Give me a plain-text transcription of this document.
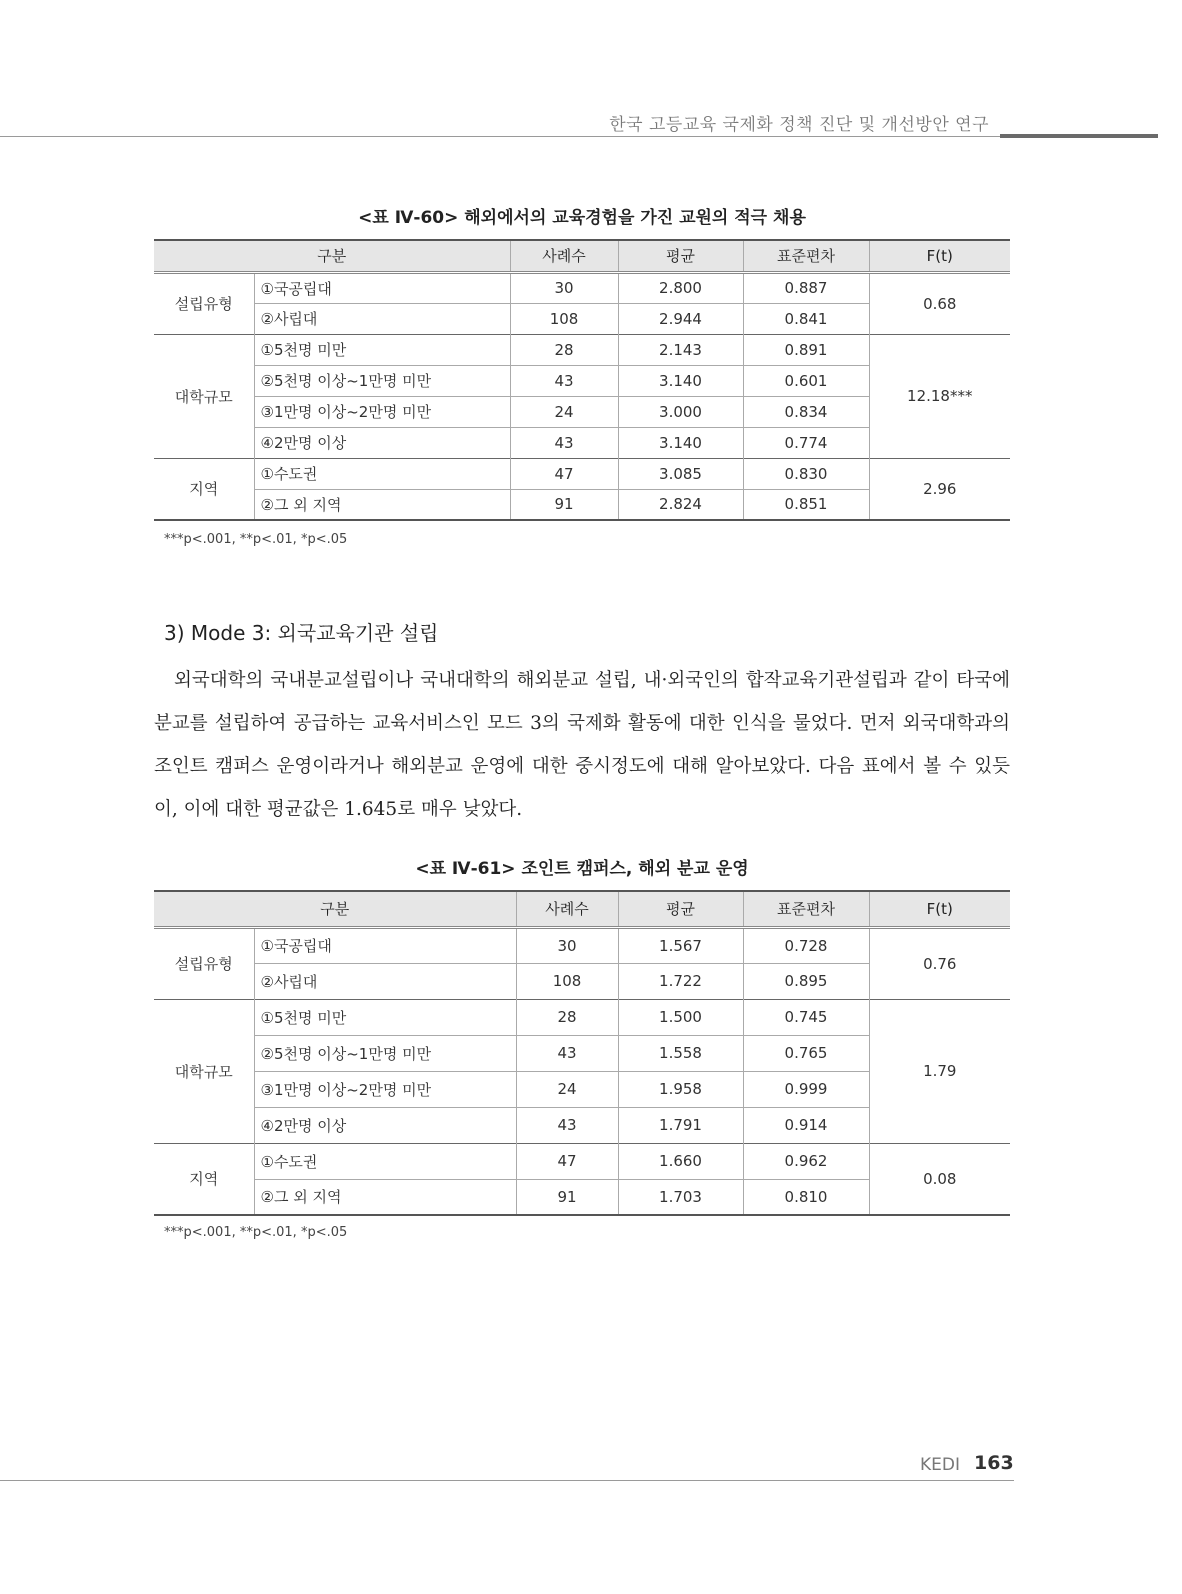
한국 고등교육 국제화 정책 진단 및 개선방안 연구
<표 Ⅳ-60> 해외에서의 교육경험을 가진 교원의 적극 채용
구분		사례수	평균	표준편차	F(t)
설립유형	①국공립대	30	2.800	0.887	0.68
	②사립대	108	2.944	0.841	
대학규모	①5천명 미만	28	2.143	0.891	12.18***
	②5천명 이상~1만명 미만	43	3.140	0.601	
	③1만명 이상~2만명 미만	24	3.000	0.834	
	④2만명 이상	43	3.140	0.774	
지역	①수도권	47	3.085	0.830	2.96
	②그 외 지역	91	2.824	0.851	
***p<.001, **p<.01, *p<.05
3) Mode 3: 외국교육기관 설립

외국대학의 국내분교설립이나 국내대학의 해외분교 설립, 내·외국인의 합작교육기관설립과 같이 타국에 분교를 설립하여 공급하는 교육서비스인 모드 3의 국제화 활동에 대한 인식을 물었다. 먼저 외국대학과의 조인트 캠퍼스 운영이라거나 해외분교 운영에 대한 중시정도에 대해 알아보았다. 다음 표에서 볼 수 있듯이, 이에 대한 평균값은 1.645로 매우 낮았다.

<표 Ⅳ-61> 조인트 캠퍼스, 해외 분교 운영
구분		사례수	평균	표준편차	F(t)
설립유형	①국공립대	30	1.567	0.728	0.76
	②사립대	108	1.722	0.895	
대학규모	①5천명 미만	28	1.500	0.745	1.79
	②5천명 이상~1만명 미만	43	1.558	0.765	
	③1만명 이상~2만명 미만	24	1.958	0.999	
	④2만명 이상	43	1.791	0.914	
지역	①수도권	47	1.660	0.962	0.08
	②그 외 지역	91	1.703	0.810	
***p<.001, **p<.01, *p<.05
KEDI 163
